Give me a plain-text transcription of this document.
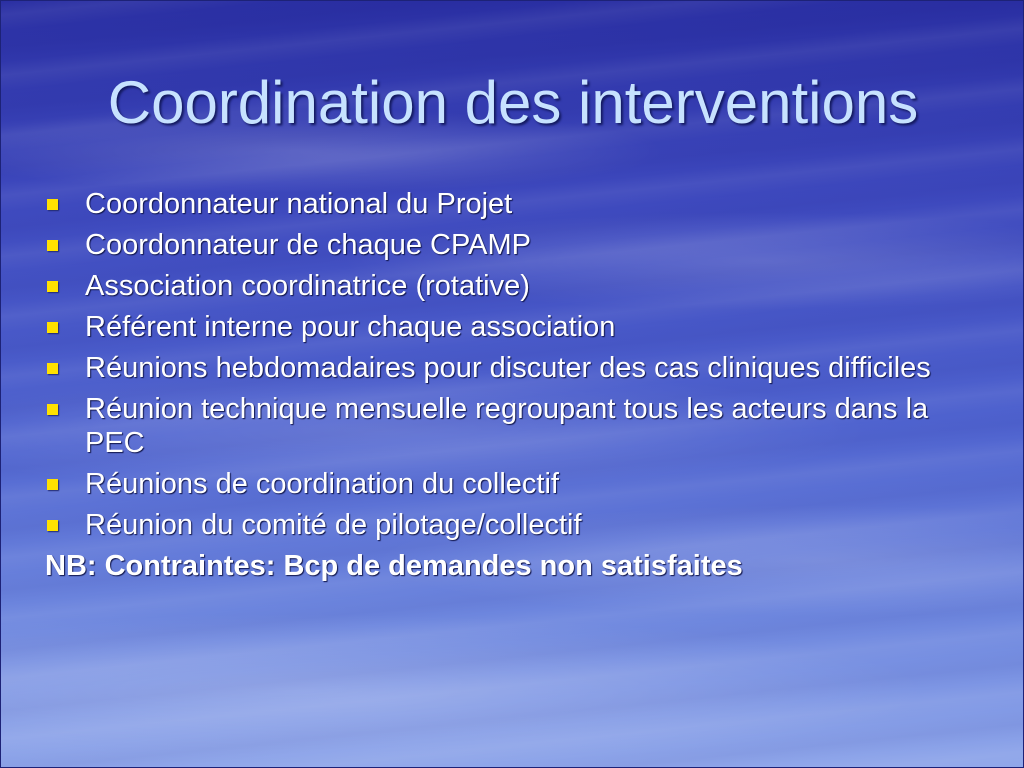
Coordination des interventions
Coordonnateur national du Projet
Coordonnateur de chaque CPAMP
Association coordinatrice (rotative)
Référent interne pour chaque association
Réunions hebdomadaires pour discuter des cas cliniques difficiles
Réunion technique mensuelle regroupant tous les acteurs dans la PEC
Réunions de coordination du collectif
Réunion du comité de pilotage/collectif
NB: Contraintes: Bcp de demandes non satisfaites
